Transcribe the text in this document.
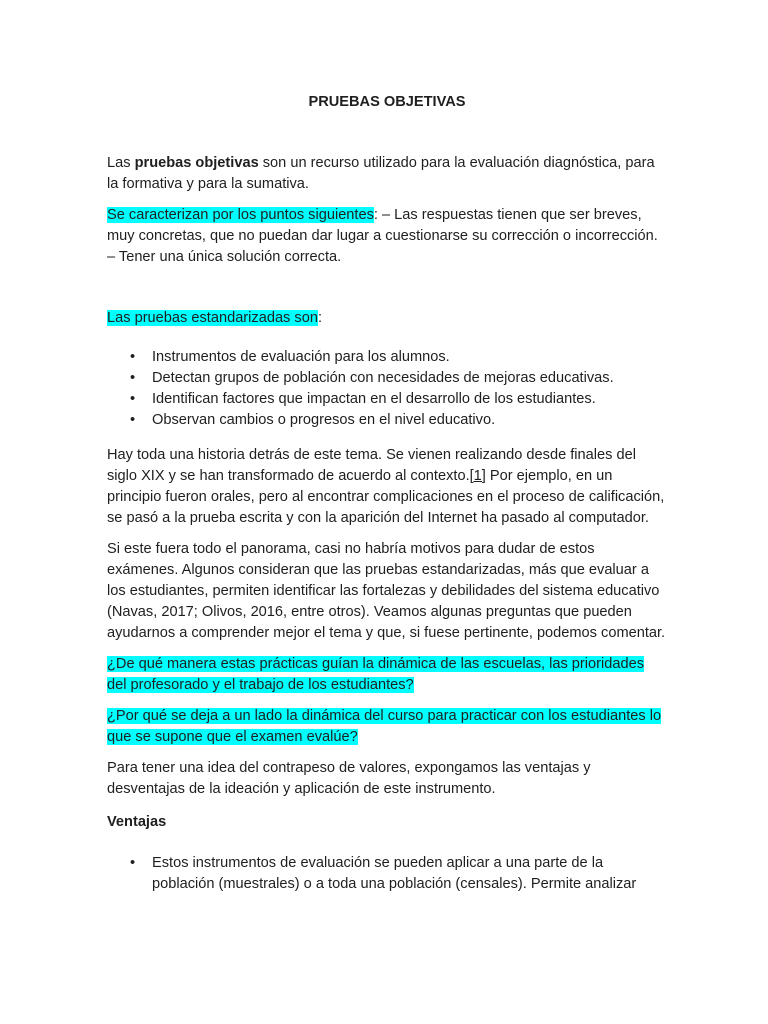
PRUEBAS OBJETIVAS

Las pruebas objetivas son un recurso utilizado para la evaluación diagnóstica, para la formativa y para la sumativa.

Se caracterizan por los puntos siguientes: – Las respuestas tienen que ser breves, muy concretas, que no puedan dar lugar a cuestionarse su corrección o incorrección. – Tener una única solución correcta.

Las pruebas estandarizadas son:

• Instrumentos de evaluación para los alumnos.
• Detectan grupos de población con necesidades de mejoras educativas.
• Identifican factores que impactan en el desarrollo de los estudiantes.
• Observan cambios o progresos en el nivel educativo.

Hay toda una historia detrás de este tema. Se vienen realizando desde finales del siglo XIX y se han transformado de acuerdo al contexto.[1] Por ejemplo, en un principio fueron orales, pero al encontrar complicaciones en el proceso de calificación, se pasó a la prueba escrita y con la aparición del Internet ha pasado al computador.

Si este fuera todo el panorama, casi no habría motivos para dudar de estos exámenes. Algunos consideran que las pruebas estandarizadas, más que evaluar a los estudiantes, permiten identificar las fortalezas y debilidades del sistema educativo (Navas, 2017; Olivos, 2016, entre otros). Veamos algunas preguntas que pueden ayudarnos a comprender mejor el tema y que, si fuese pertinente, podemos comentar.

¿De qué manera estas prácticas guían la dinámica de las escuelas, las prioridades del profesorado y el trabajo de los estudiantes?

¿Por qué se deja a un lado la dinámica del curso para practicar con los estudiantes lo que se supone que el examen evalúe?

Para tener una idea del contrapeso de valores, expongamos las ventajas y desventajas de la ideación y aplicación de este instrumento.

Ventajas
• Estos instrumentos de evaluación se pueden aplicar a una parte de la población (muestrales) o a toda una población (censales). Permite analizar
